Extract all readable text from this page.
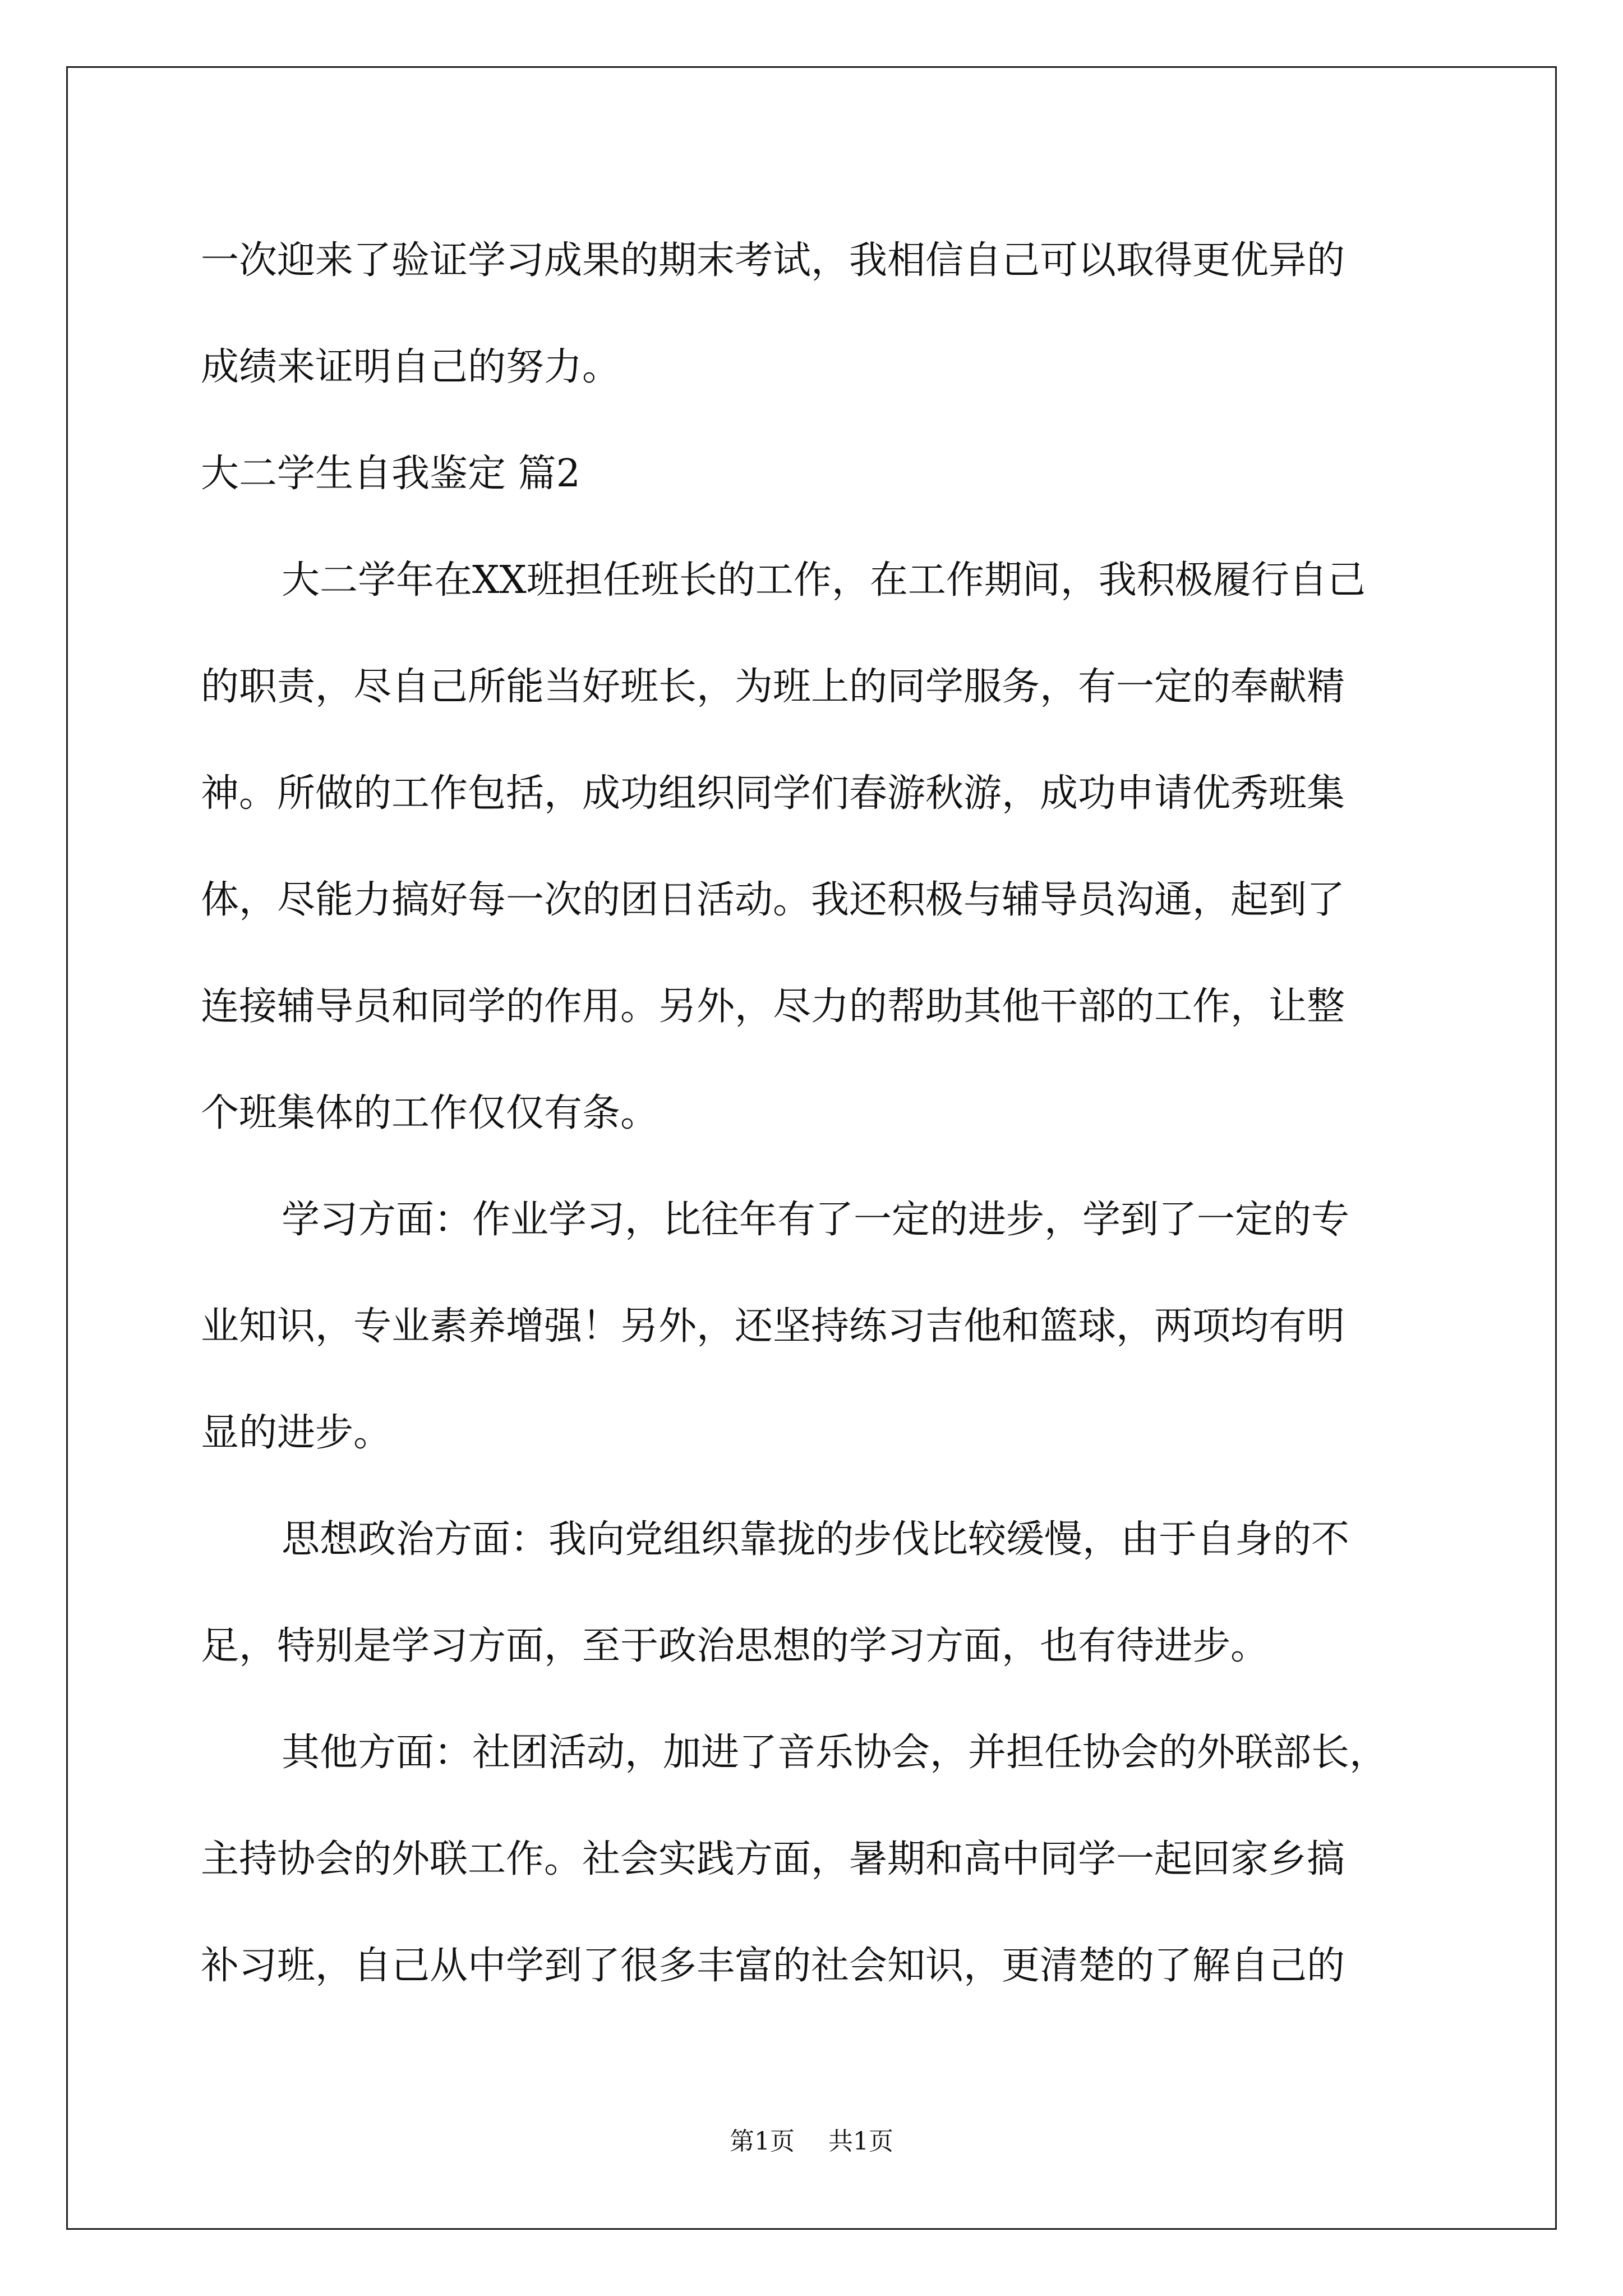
一次迎来了验证学习成果的期末考试，我相信自己可以取得更优异的
成绩来证明自己的努力。
大二学生自我鉴定 篇2
大二学年在XX班担任班长的工作，在工作期间，我积极履行自己
的职责，尽自己所能当好班长，为班上的同学服务，有一定的奉献精
神。所做的工作包括，成功组织同学们春游秋游，成功申请优秀班集
体，尽能力搞好每一次的团日活动。我还积极与辅导员沟通，起到了
连接辅导员和同学的作用。另外，尽力的帮助其他干部的工作，让整
个班集体的工作仅仅有条。
学习方面：作业学习，比往年有了一定的进步，学到了一定的专
业知识，专业素养增强！另外，还坚持练习吉他和篮球，两项均有明
显的进步。
思想政治方面：我向党组织靠拢的步伐比较缓慢，由于自身的不
足，特别是学习方面，至于政治思想的学习方面，也有待进步。
其他方面：社团活动，加进了音乐协会，并担任协会的外联部长，
主持协会的外联工作。社会实践方面，暑期和高中同学一起回家乡搞
补习班，自己从中学到了很多丰富的社会知识，更清楚的了解自己的
第1页 共1页
